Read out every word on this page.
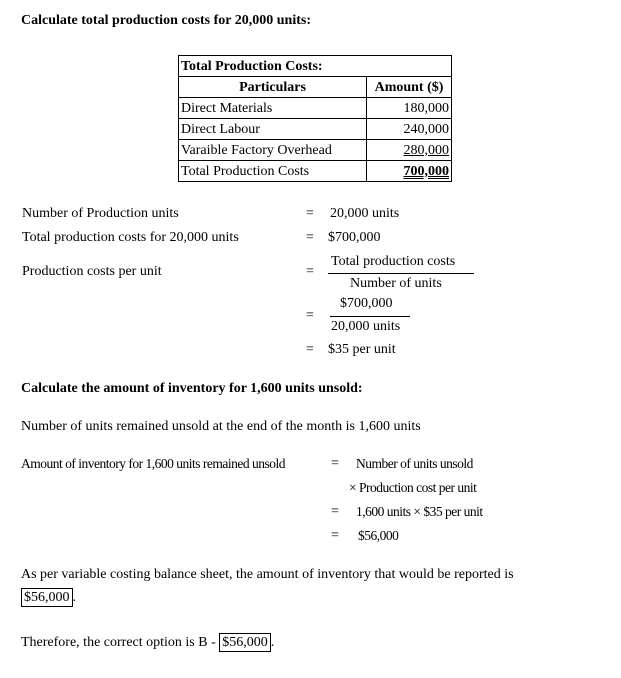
Calculate total production costs for 20,000 units:
Total Production Costs:	
Particulars	Amount ($)
Direct Materials	180,000
Direct Labour	240,000
Varaible Factory Overhead	280,000
Total Production Costs	700,000
Number of Production units	= 20,000 units
Total production costs for 20,000 units	= $700,000
Production costs per unit	=
Total production costs
Number of units
=
$700,000
20,000 units
= $35 per unit
Calculate the amount of inventory for 1,600 units unsold:
Number of units remained unsold at the end of the month is 1,600 units
Amount of inventory for 1,600 units remained unsold	= Number of units unsold
× Production cost per unit
= 1,600 units × $35 per unit
= $56,000
As per variable costing balance sheet, the amount of inventory that would be reported is
$56,000 .
Therefore, the correct option is B - $56,000 .
